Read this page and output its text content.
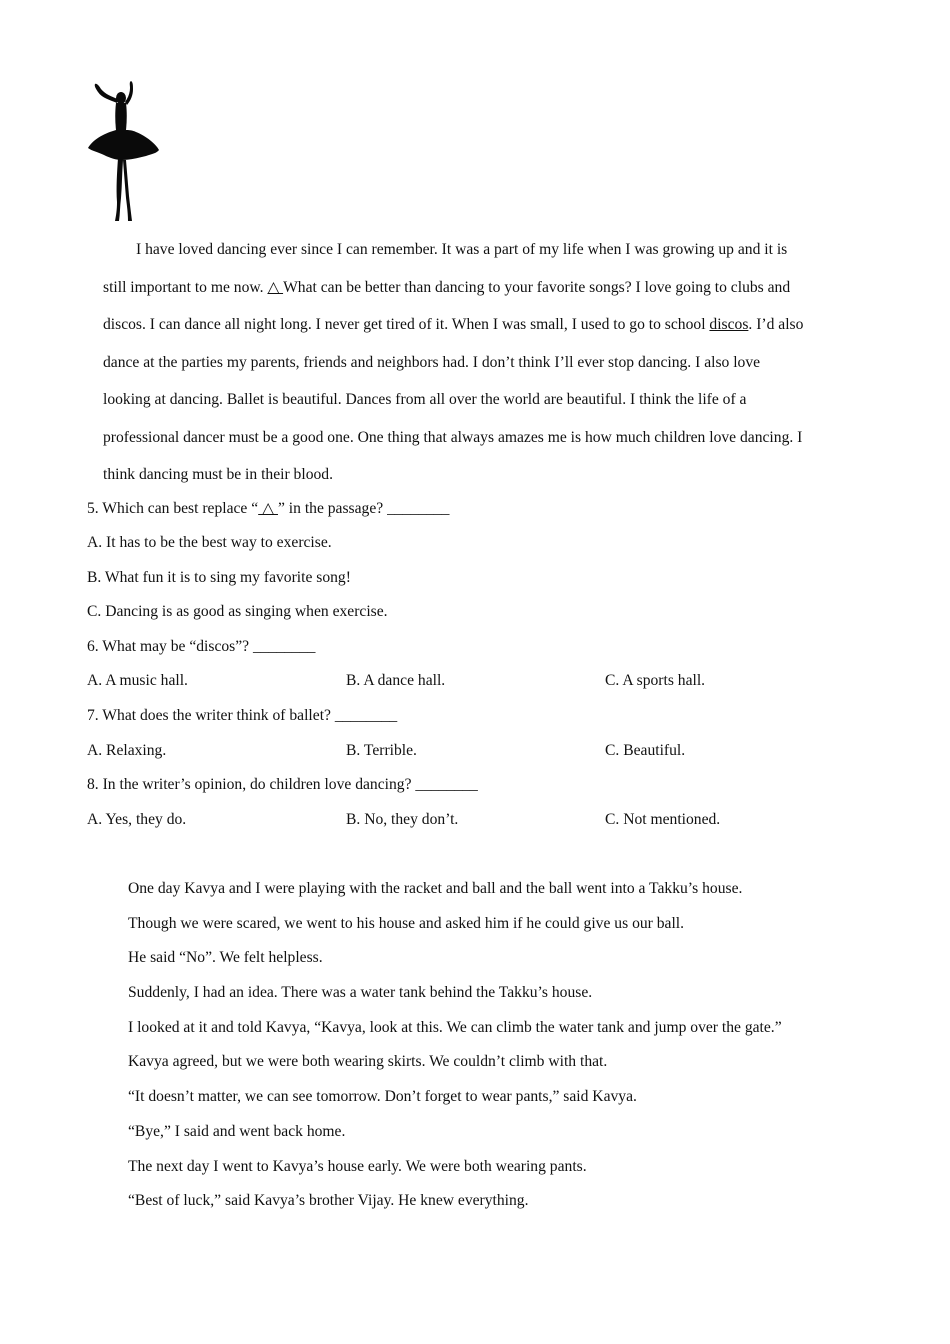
I have loved dancing ever since I can remember. It was a part of my life when I was growing up and it is
still important to me now. △ What can be better than dancing to your favorite songs? I love going to clubs and
discos. I can dance all night long. I never get tired of it. When I was small, I used to go to school discos. I’d also
dance at the parties my parents, friends and neighbors had. I don’t think I’ll ever stop dancing. I also love
looking at dancing. Ballet is beautiful. Dances from all over the world are beautiful. I think the life of a
professional dancer must be a good one. One thing that always amazes me is how much children love dancing. I
think dancing must be in their blood.
5. Which can best replace “ △ ” in the passage? ________
A. It has to be the best way to exercise.
B. What fun it is to sing my favorite song!
C. Dancing is as good as singing when exercise.
6. What may be “discos”? ________
A. A music hall.	B. A dance hall.	C. A sports hall.
7. What does the writer think of ballet? ________
A. Relaxing.	B. Terrible.	C. Beautiful.
8. In the writer’s opinion, do children love dancing? ________
A. Yes, they do.	B. No, they don’t.	C. Not mentioned.
One day Kavya and I were playing with the racket and ball and the ball went into a Takku’s house.
Though we were scared, we went to his house and asked him if he could give us our ball.
He said “No”. We felt helpless.
Suddenly, I had an idea. There was a water tank behind the Takku’s house.
I looked at it and told Kavya, “Kavya, look at this. We can climb the water tank and jump over the gate.”
Kavya agreed, but we were both wearing skirts. We couldn’t climb with that.
“It doesn’t matter, we can see tomorrow. Don’t forget to wear pants,” said Kavya.
“Bye,” I said and went back home.
The next day I went to Kavya’s house early. We were both wearing pants.
“Best of luck,” said Kavya’s brother Vijay. He knew everything.
